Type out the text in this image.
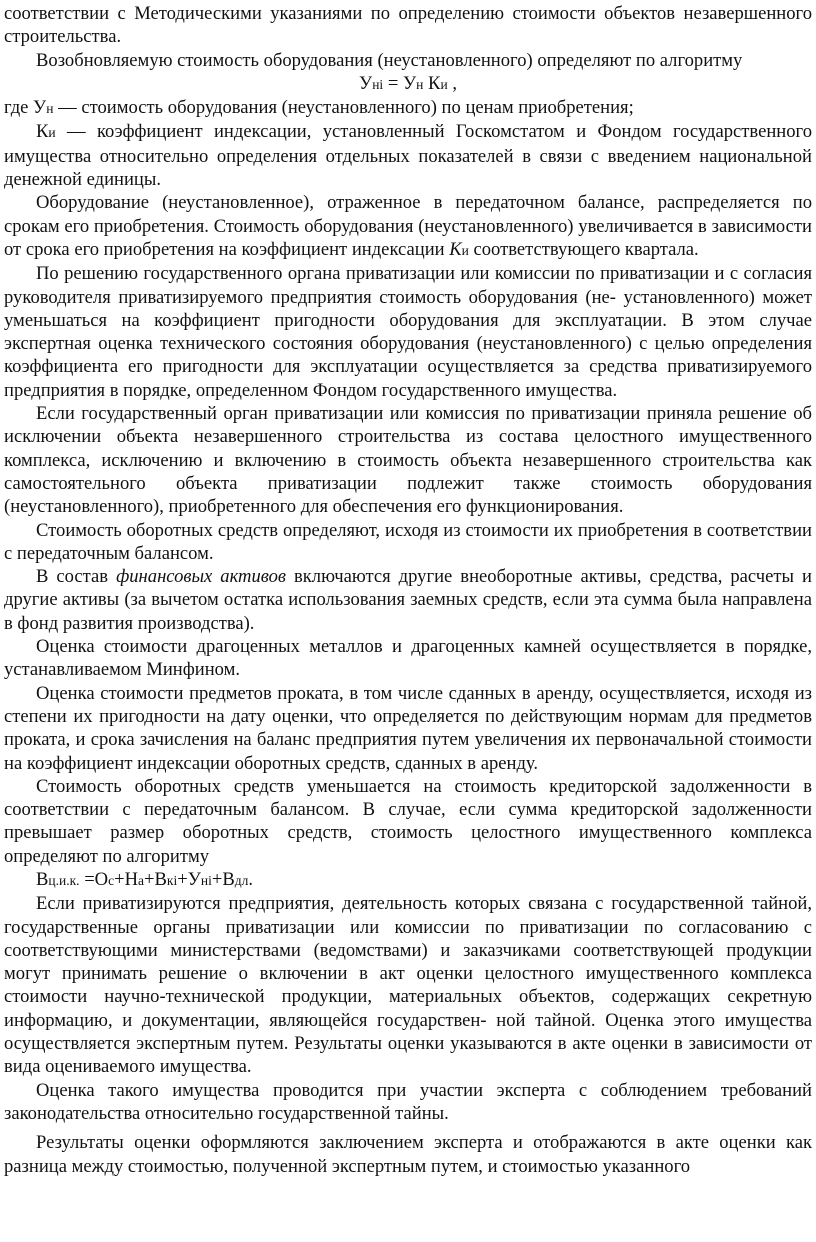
соответствии с Методическими указаниями по определению стоимости объектов незавершенного строительства.

Возобновляемую стоимость оборудования (неустановленного) определяют по алгоритму

Унi = Ун Ки ,

где Ун — стоимость оборудования (неустановленного) по ценам приобретения;

Ки — коэффициент индексации, установленный Госкомстатом и Фондом государственного имущества относительно определения отдельных показателей в связи с введением национальной денежной единицы.

Оборудование (неустановленное), отраженное в передаточном балансе, распределяется по срокам его приобретения. Стоимость оборудования (неустановленного) увеличивается в зависимости от срока его приобретения на коэффициент индексации Ки соответствующего квартала.

По решению государственного органа приватизации или комиссии по приватизации и с согласия руководителя приватизируемого предприятия стоимость оборудования (не- установленного) может уменьшаться на коэффициент пригодности оборудования для эксплуатации. В этом случае экспертная оценка технического состояния оборудования (неустановленного) с целью определения коэффициента его пригодности для эксплуатации осуществляется за средства приватизируемого предприятия в порядке, определенном Фондом государственного имущества.

Если государственный орган приватизации или комиссия по приватизации приняла решение об исключении объекта незавершенного строительства из состава целостного имущественного комплекса, исключению и включению в стоимость объекта незавершенного строительства как самостоятельного объекта приватизации подлежит также стоимость оборудования (неустановленного), приобретенного для обеспечения его функционирования.

Стоимость оборотных средств определяют, исходя из стоимости их приобретения в соответствии с передаточным балансом.

В состав финансовых активов включаются другие внеоборотные активы, средства, расчеты и другие активы (за вычетом остатка использования заемных средств, если эта сумма была направлена в фонд развития производства).

Оценка стоимости драгоценных металлов и драгоценных камней осуществляется в порядке, устанавливаемом Минфином.

Оценка стоимости предметов проката, в том числе сданных в аренду, осуществляется, исходя из степени их пригодности на дату оценки, что определяется по действующим нормам для предметов проката, и срока зачисления на баланс предприятия путем увеличения их первоначальной стоимости на коэффициент индексации оборотных средств, сданных в аренду.

Стоимость оборотных средств уменьшается на стоимость кредиторской задолженности в соответствии с передаточным балансом. В случае, если сумма кредиторской задолженности превышает размер оборотных средств, стоимость целостного имущественного комплекса определяют по алгоритму

Вц.и.к. =Ос+На+Вкi+Унi+Вдл.

Если приватизируются предприятия, деятельность которых связана с государственной тайной, государственные органы приватизации или комиссии по приватизации по согласованию с соответствующими министерствами (ведомствами) и заказчиками соответствующей продукции могут принимать решение о включении в акт оценки целостного имущественного комплекса стоимости научно-технической продукции, материальных объектов, содержащих секретную информацию, и документации, являющейся государствен- ной тайной. Оценка этого имущества осуществляется экспертным путем. Результаты оценки указываются в акте оценки в зависимости от вида оцениваемого имущества.

Оценка такого имущества проводится при участии эксперта с соблюдением требований законодательства относительно государственной тайны.

Результаты оценки оформляются заключением эксперта и отображаются в акте оценки как разница между стоимостью, полученной экспертным путем, и стоимостью указанного
